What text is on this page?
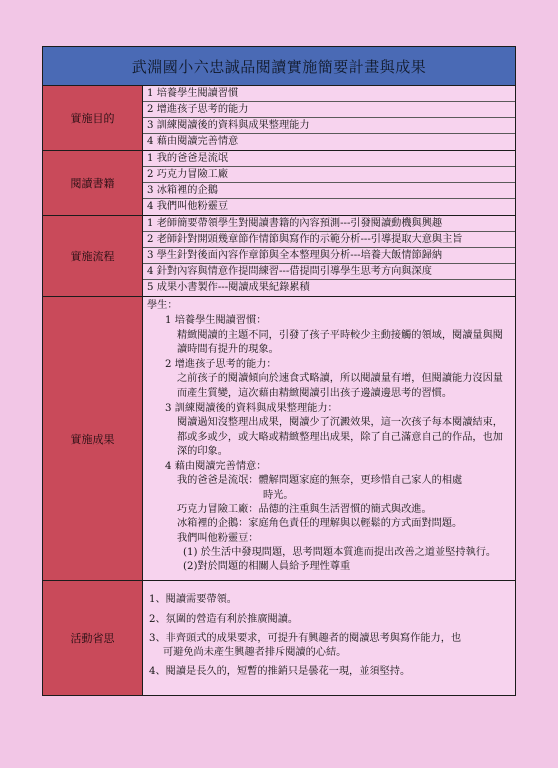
武淵國小六忠誠品閱讀實施簡要計畫與成果
實施目的
1 培養學生閱讀習慣
2 增進孩子思考的能力
3 訓練閱讀後的資料與成果整理能力
4 藉由閱讀完善情意
閱讀書籍
1 我的爸爸是流氓
2 巧克力冒險工廠
3 冰箱裡的企鵝
4 我們叫他粉靈豆
實施流程
1 老師簡要帶領學生對閱讀書籍的內容預測---引發閱讀動機與興趣
2 老師針對開頭幾章節作情節與寫作的示範分析---引導提取大意與主旨
3 學生針對後面內容作章節與全本整理與分析---培養大飯情節歸納
4 針對內容與情意作提問練習---借提問引導學生思考方向與深度
5 成果小書製作---閱讀成果紀錄累積
實施成果
學生：
1 培養學生閱讀習慣：
精緻閱讀的主題不同，引發了孩子平時較少主動接觸的領域，閱讀量與閱讀時間有提升的現象。
2 增進孩子思考的能力：
之前孩子的閱讀傾向於速食式略讀，所以閱讀量有增，但閱讀能力沒因量而產生質變，這次藉由精緻閱讀引出孩子邊讀邊思考的習慣。
3 訓練閱讀後的資料與成果整理能力：
閱讀過知沒整理出成果，閱讀少了沉澱效果，這一次孩子每本閱讀結束，都或多或少，或大略或精緻整理出成果，除了自己滿意自己的作品，也加深的印象。
4 藉由閱讀完善情意：
我的爸爸是流氓：體解問題家庭的無奈，更珍惜自己家人的相處
時光。
巧克力冒險工廠：品德的注重與生活習慣的簡式與改進。
冰箱裡的企鵝：家庭角色責任的理解與以輕鬆的方式面對問題。
我們叫他粉靈豆：
(1) 於生活中發現問題，思考問題本質進而提出改善之道並堅持執行。
(2)對於問題的相關人員給予理性尊重
活動省思
1、閱讀需要帶領。
2、氛圍的營造有利於推廣閱讀。
3、非齊頭式的成果要求，可提升有興趣者的閱讀思考與寫作能力，也
可避免尚未產生興趣者排斥閱讀的心結。
4、閱讀是長久的，短暫的推銷只是曇花一現，並須堅持。
